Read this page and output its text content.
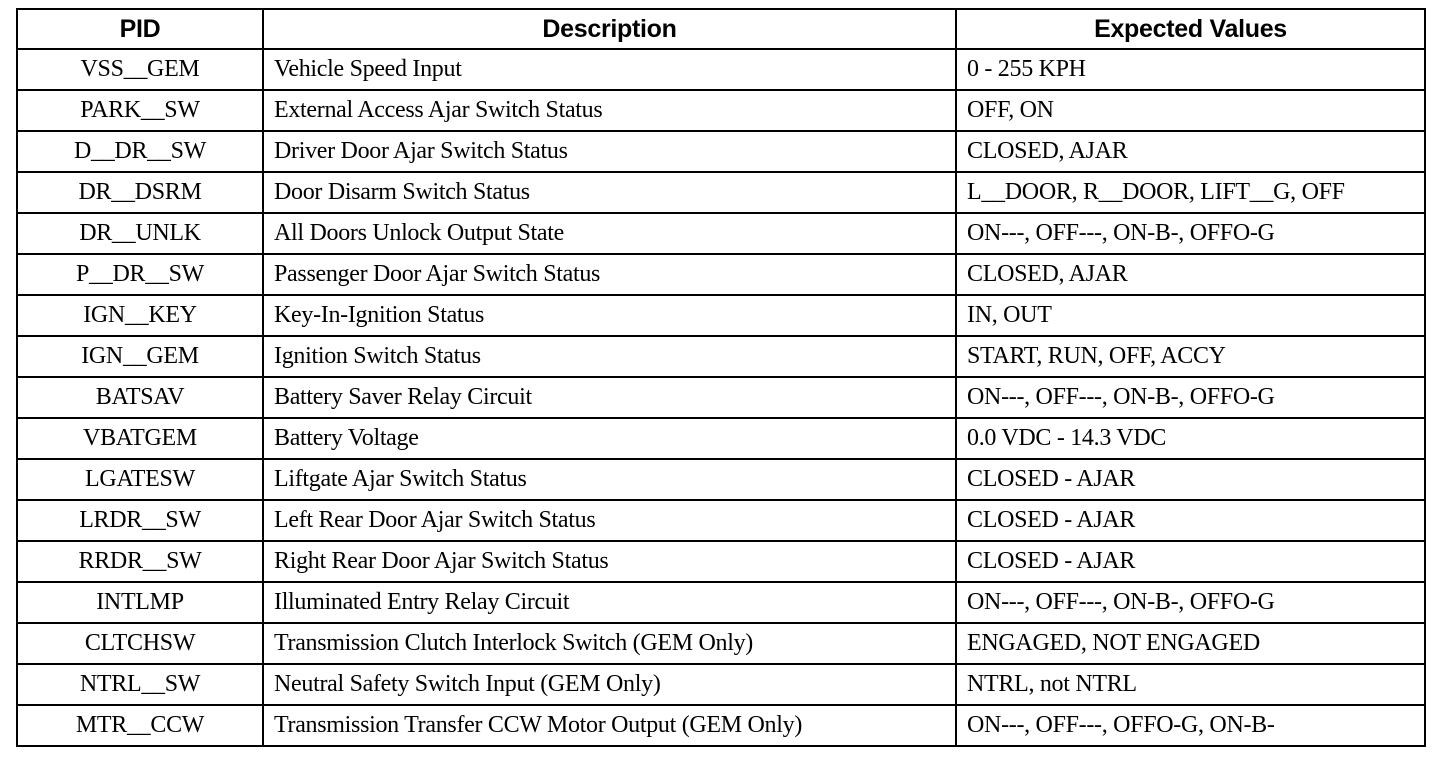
PID	Description	Expected Values
VSS__GEM	Vehicle Speed Input	0 - 255 KPH
PARK__SW	External Access Ajar Switch Status	OFF, ON
D__DR__SW	Driver Door Ajar Switch Status	CLOSED, AJAR
DR__DSRM	Door Disarm Switch Status	L__DOOR, R__DOOR, LIFT__G, OFF
DR__UNLK	All Doors Unlock Output State	ON---, OFF---, ON-B-, OFFO-G
P__DR__SW	Passenger Door Ajar Switch Status	CLOSED, AJAR
IGN__KEY	Key-In-Ignition Status	IN, OUT
IGN__GEM	Ignition Switch Status	START, RUN, OFF, ACCY
BATSAV	Battery Saver Relay Circuit	ON---, OFF---, ON-B-, OFFO-G
VBATGEM	Battery Voltage	0.0 VDC - 14.3 VDC
LGATESW	Liftgate Ajar Switch Status	CLOSED - AJAR
LRDR__SW	Left Rear Door Ajar Switch Status	CLOSED - AJAR
RRDR__SW	Right Rear Door Ajar Switch Status	CLOSED - AJAR
INTLMP	Illuminated Entry Relay Circuit	ON---, OFF---, ON-B-, OFFO-G
CLTCHSW	Transmission Clutch Interlock Switch (GEM Only)	ENGAGED, NOT ENGAGED
NTRL__SW	Neutral Safety Switch Input (GEM Only)	NTRL, not NTRL
MTR__CCW	Transmission Transfer CCW Motor Output (GEM Only)	ON---, OFF---, OFFO-G, ON-B-
